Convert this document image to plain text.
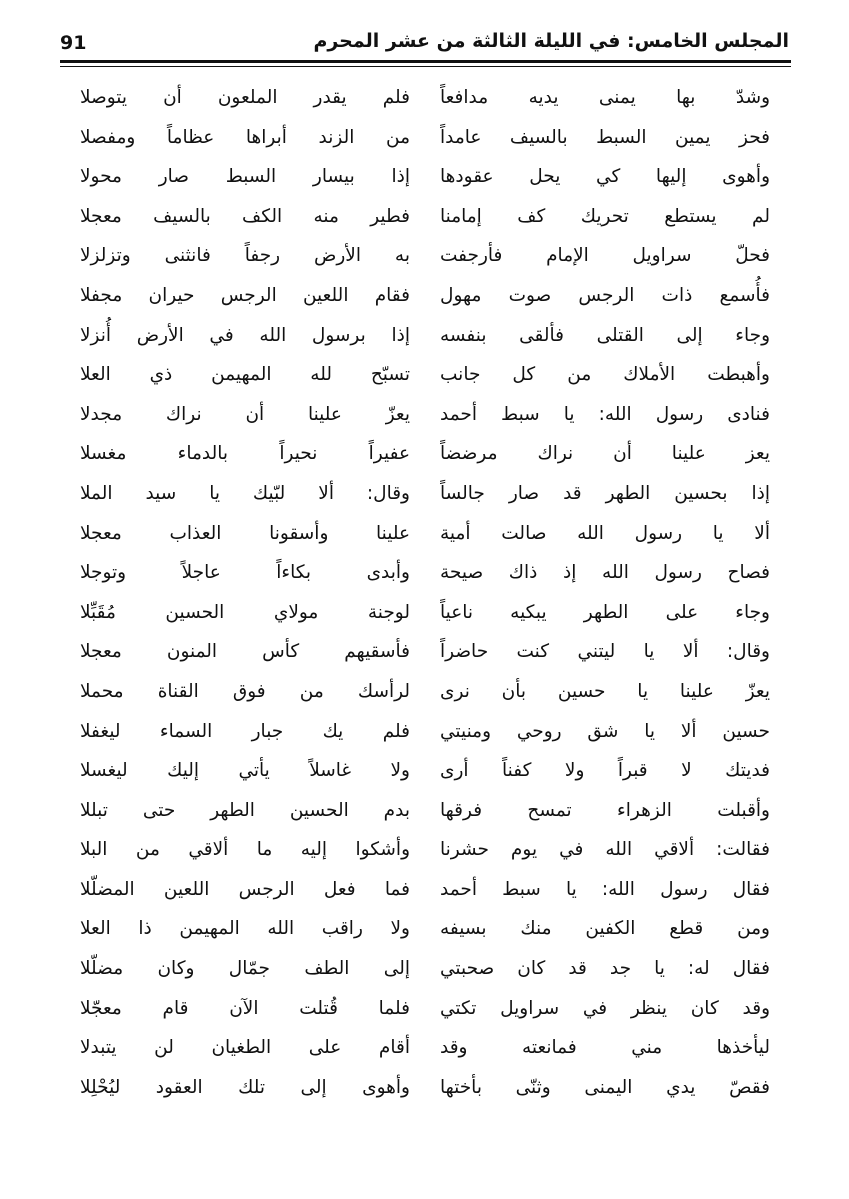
91	المجلس الخامس: في الليلة الثالثة من عشر المحرم
وشدّ بها يمنى يديه مدافعاً
فحز يمين السبط بالسيف عامداً
وأهوى إليها كي يحل عقودها
لم يستطع تحريك كف إمامنا
فحلّ سراويل الإمام فأرجفت
فأُسمع ذات الرجس صوت مهول
وجاء إلى القتلى فألقى بنفسه
وأهبطت الأملاك من كل جانب
فنادى رسول الله: يا سبط أحمد
يعز علينا أن نراك مرضضاً
إذا بحسين الطهر قد صار جالساً
ألا يا رسول الله صالت أمية
فصاح رسول الله إذ ذاك صيحة
وجاء على الطهر يبكيه ناعياً
وقال: ألا يا ليتني كنت حاضراً
يعزّ علينا يا حسين بأن نرى
حسين ألا يا شق روحي ومنيتي
فديتك لا قبراً ولا كفناً أرى
وأقبلت الزهراء تمسح فرقها
فقالت: ألاقي الله في يوم حشرنا
فقال رسول الله: يا سبط أحمد
ومن قطع الكفين منك بسيفه
فقال له: يا جد قد كان صحبتي
وقد كان ينظر في سراويل تكتي
ليأخذها مني فمانعته وقد
فقصّ يدي اليمنى وثنّى بأختها
فلم يقدر الملعون أن يتوصلا
من الزند أبراها عظاماً ومفصلا
إذا بيسار السبط صار محولا
فطير منه الكف بالسيف معجلا
به الأرض رجفاً فانثنى وتزلزلا
فقام اللعين الرجس حيران مجفلا
إذا برسول الله في الأرض أُنزلا
تسبّح لله المهيمن ذي العلا
يعزّ علينا أن نراك مجدلا
عفيراً نحيراً بالدماء مغسلا
وقال: ألا لبّيك يا سيد الملا
علينا وأسقونا العذاب معجلا
وأبدى بكاءاً عاجلاً وتوجلا
لوجنة مولاي الحسين مُقَبِّلا
فأسقيهم كأس المنون معجلا
لرأسك من فوق القناة محملا
فلم يك جبار السماء ليغفلا
ولا غاسلاً يأتي إليك ليغسلا
بدم الحسين الطهر حتى تبللا
وأشكوا إليه ما ألاقي من البلا
فما فعل الرجس اللعين المضلّلا
ولا راقب الله المهيمن ذا العلا
إلى الطف جمّال وكان مضلّلا
فلما قُتلت الآن قام معجّلا
أقام على الطغيان لن يتبدلا
وأهوى إلى تلك العقود ليُحْلِلا
